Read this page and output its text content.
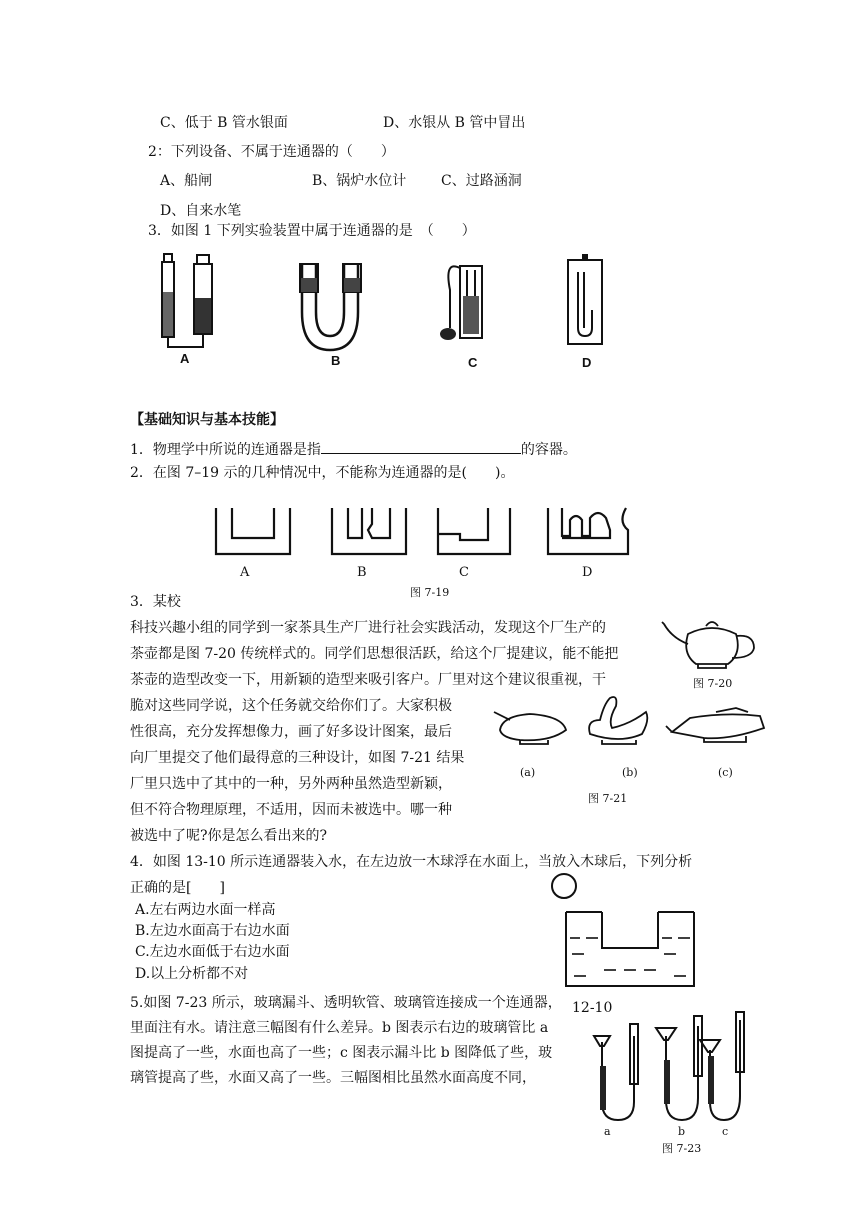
C、低于 B 管水银面	D、水银从 B 管中冒出
2：下列设备、不属于连通器的（　　）
A、船闸	B、锅炉水位计 C、过路涵洞
D、自来水笔
3．如图 1 下列实验装置中属于连通器的是　（　　）
A	B	C	D
【基础知识与基本技能】
1．物理学中所说的连通器是指	的容器。
2．在图 7–19 示的几种情况中，不能称为连通器的是(　　)。
A	B	C	D
图 7-19
3．某校
科技兴趣小组的同学到一家茶具生产厂进行社会实践活动，发现这个厂生产的
茶壶都是图 7-20 传统样式的。同学们思想很活跃，给这个厂提建议，能不能把
茶壶的造型改变一下，用新颖的造型来吸引客户。厂里对这个建议很重视，干
脆对这些同学说，这个任务就交给你们了。大家积极
性很高，充分发挥想像力，画了好多设计图案，最后
向厂里提交了他们最得意的三种设计，如图 7-21 结果
厂里只选中了其中的一种，另外两种虽然造型新颖，
但不符合物理原理，不适用，因而未被选中。哪一种
被选中了呢?你是怎么看出来的?
图 7-20
(a)	(b)	(c)
图 7-21
4．如图 13-10 所示连通器装入水，在左边放一木球浮在水面上，当放入木球后，下列分析
正确的是[　　]
A.左右两边水面一样高
B.左边水面高于右边水面
C.左边水面低于右边水面
D.以上分析都不对
12-10
5.如图 7-23 所示，玻璃漏斗、透明软管、玻璃管连接成一个连通器，
里面注有水。请注意三幅图有什么差异。b 图表示右边的玻璃管比 a
图提高了一些，水面也高了一些；c 图表示漏斗比 b 图降低了些，玻
璃管提高了些，水面又高了一些。三幅图相比虽然水面高度不同，
a	b	c
图 7-23
